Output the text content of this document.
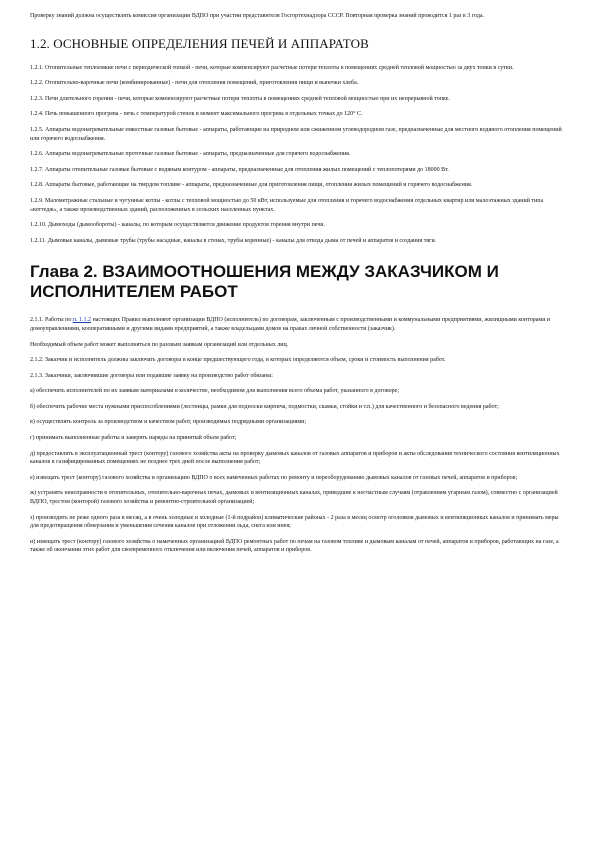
Проверку знаний должна осуществлять комиссия организации ВДПО при участии представителя Госгортехнадзора СССР. Повторная проверка знаний проводится 1 раз в 3 года.

1.2. ОСНОВНЫЕ ОПРЕДЕЛЕНИЯ ПЕЧЕЙ И АППАРАТОВ

1.2.1. Отопительные теплоемкие печи с периодической топкой - печи, которые компенсируют расчетные потери теплоты в помещениях средней тепловой мощностью за двух топки в сутки.

1.2.2. Отопительно-варочные печи (комбинированные) - печи для отопления помещений, приготовления пищи и выпечки хлеба.

1.2.3. Печи длительного горения - печи, которые компенсируют расчетные потери теплоты в помещениях средней тепловой мощностью при их непрерывной топке.

1.2.4. Печь повышенного прогрева - печь с температурой стенок в момент максимального прогрева в отдельных точках до 120° С.

1.2.5. Аппараты водонагревательные емкостные газовые бытовые - аппараты, работающие на природном или сжиженном углеводородном газе, предназначенные для местного водяного отопления помещений или горячего водоснабжения.

1.2.6. Аппараты водонагревательные проточные газовые бытовые - аппараты, предназначенные для горячего водоснабжения.

1.2.7. Аппараты отопительные газовые бытовые с водяным контуром - аппараты, предназначенные для отопления жилых помещений с теплопотерями до 18000 Вт.

1.2.8. Аппараты бытовые, работающие на твердом топливе - аппараты, предназначенные для приготовления пищи, отопления жилых помещений и горячего водоснабжения.

1.2.9. Малометражные стальные и чугунные котлы - котлы с тепловой мощностью до 50 кВт, используемые для отопления и горячего водоснабжения отдельных квартир или малоэтажных зданий типа «коттедж», а также производственных зданий, расположенных в сельских населенных пунктах.

1.2.10. Дымоходы (дымообороты) - каналы, по которым осуществляется движение продуктов горения внутри печи.

1.2.11. Дымовые каналы, дымовые трубы (трубы насадные, каналы в стенах, трубы коренные) - каналы для отвода дыма от печей и аппаратов и создания тяги.

Глава 2. ВЗАИМООТНОШЕНИЯ МЕЖДУ ЗАКАЗЧИКОМ И ИСПОЛНИТЕЛЕМ РАБОТ

2.1.1. Работы по п. 1.1.2 настоящих Правил выполняют организации ВДПО (исполнитель) по договорам, заключенным с производственными и коммунальными предприятиями, жилищными конторами и домоуправлениями, кооперативными и другими видами предприятий, а также владельцами домов на правах личной собственности (заказчик).

Необходимый объем работ может выполняться по разовым заявкам организаций или отдельных лиц.

2.1.2. Заказчик и исполнитель должны заключать договоры в конце предшествующего года, в которых определяются объем, сроки и стоимость выполнения работ.

2.1.3. Заказчики, заключившие договоры или подавшие заявку на производство работ обязаны:

а) обеспечить исполнителей по их заявкам материалами в количестве, необходимом для выполнения всего объема работ, указанного в договоре;

б) обеспечить рабочие места нужными приспособлениями (лестницы, рамки для подноски кирпича, подмостки, скамьи, стойки и т.п.) для качественного и безопасного ведения работ;

в) осуществлять контроль за производством и качеством работ, производимых подрядными организациями;

г) принимать выполненные работы и заверять наряды на принятый объем работ;

д) предоставлять в эксплуатационный трест (контору) газового хозяйства акты на проверку дымовых каналов от газовых аппаратов и приборов и акты обследования технического состояния вентиляционных каналов в газифицированных помещениях не позднее трех дней после выполнения работ;

е) извещать трест (контору) газового хозяйства и организацию ВДПО о всех намеченных работах по ремонту и переоборудованию дымовых каналов от газовых печей, аппаратов и приборов;

ж) устранять неисправности в отопительных, отопительно-варочных печах, дымовых и вентиляционных каналах, приведшие к несчастным случаям (отравлениям угарным газом), совместно с организацией ВДПО, трестом (конторой) газового хозяйства и ремонтно-строительной организацией;

з) производить не реже одного раза в месяц, а в очень холодные и холодные (1-й подрайон) климатические районах - 2 раза в месяц осмотр оголовков дымовых и вентиляционных каналов и принимать меры для предотвращения обмерзания и уменьшения сечения каналов при отложении льда, снега или инея;

и) извещать трест (контору) газового хозяйства о намеченных организацией ВДПО ремонтных работ по печам на газовом топливе и дымовым каналам от печей, аппаратов и приборов, работающих на газе, а также об окончании этих работ для своевременного отключения или включения печей, аппаратов и приборов.
